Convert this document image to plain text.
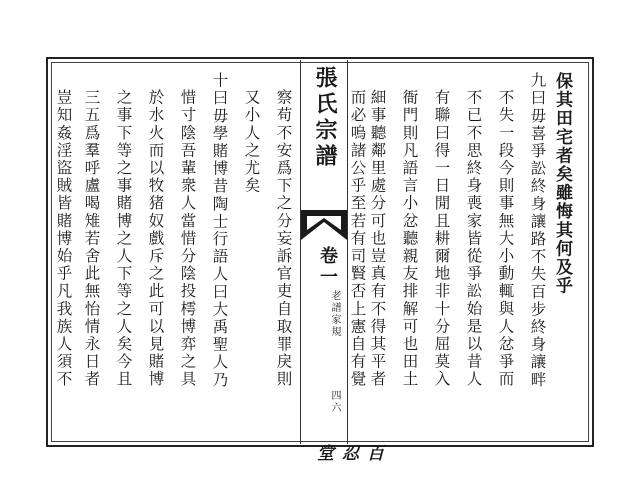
保其田宅者矣雖悔其何及乎
九曰毋喜爭訟終身讓路不失百步終身讓畔
不失一段今則事無大小動輒與人忿爭而
不已不思終身喪家皆從爭訟始是以昔人
有聯曰得一日閒且耕爾地非十分屈莫入
衙門則凡語言小忿聽親友排解可也田土
細事聽鄰里處分可也豈真有不得其平者
張氏宗譜
卷一
老譜家規
四六
百忍堂
而必嗚諸公乎至若有司賢否上憲自有覺
察苟不安爲下之分妄訴官吏自取罪戾則
又小人之尤矣
十曰毋學賭博昔陶士行語人曰大禹聖人乃
惜寸陰吾輩衆人當惜分陰投樗博弈之具
於水火而以牧猪奴戲斥之此可以見賭博
之事下等之事賭博之人下等之人矣今且
三五爲羣呼盧喝雉若舍此無怡情永日者
豈知姦淫盜賊皆賭博始乎凡我族人須不
